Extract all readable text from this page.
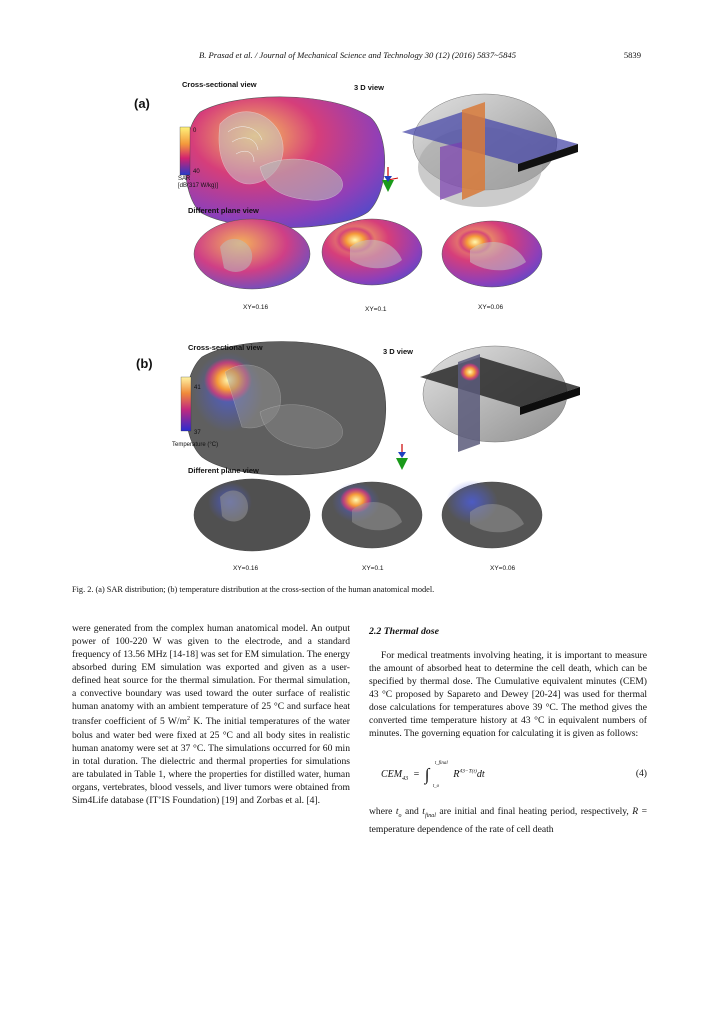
B. Prasad et al. / Journal of Mechanical Science and Technology 30 (12) (2016) 5837~5845	5839
Cross-sectional view	3 D view
(a)
0
40
SAR
[dB(317 W/kg)]
Different plane view
XY=0.16	XY=0.1	XY=0.06
Cross-sectional view	3 D view
(b)
41
37
Temperature (°C)
Different plane view
XY=0.16	XY=0.1	XY=0.06
Fig. 2. (a) SAR distribution; (b) temperature distribution at the cross-section of the human anatomical model.

were generated from the complex human anatomical model. An output power of 100-220 W was given to the electrode, and a standard frequency of 13.56 MHz [14-18] was set for EM simulation. The energy absorbed during EM simulation was exported and given as a user-defined heat source for the thermal simulation. For thermal simulation, a convective boundary was used toward the outer surface of realistic human anatomy with an ambient temperature of 25 °C and surface heat transfer coefficient of 5 $W/m^2$ K. The initial temperatures of the water bolus and water bed were fixed at 25 °C and all body sites in realistic human anatomy were set at 37 °C. The simulations occurred for 60 min in total duration. The dielectric and thermal properties for simulations are tabulated in Table 1, where the properties for distilled water, human organs, vertebrates, blood vessels, and liver tumors were obtained from Sim4Life database (IT’IS Foundation) [19] and Zorbas et al. [4].

2.2 Thermal dose

For medical treatments involving heating, it is important to measure the amount of absorbed heat to determine the cell death, which can be specified by thermal dose. The Cumulative equivalent minutes (CEM) 43 °C proposed by Sapareto and Dewey [20-24] was used for thermal dose calculations for temperatures above 39 °C. The method gives the converted time temperature history at 43 °C in equivalent numbers of minutes. The governing equation for calculating it is given as follows:

$CEM_{43}$ = ∫
t_final
t_o
$R^{43-T(t)}dt$	(4)

where $t_o$ and $t_{final}$ are initial and final heating period, respectively, R = temperature dependence of the rate of cell death
